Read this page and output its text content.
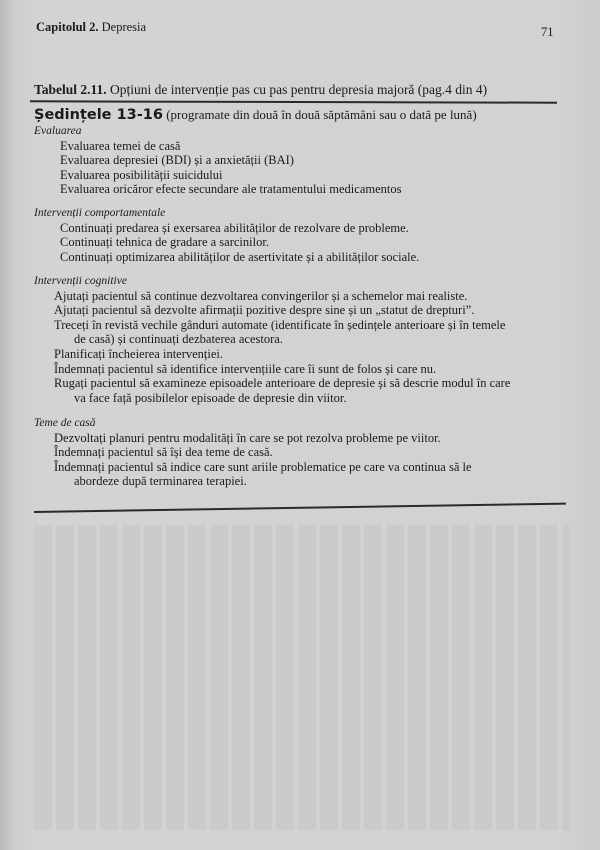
Capitolul 2. Depresia	71
Tabelul 2.11. Opțiuni de intervenție pas cu pas pentru depresia majoră (pag.4 din 4)
Ședințele 13-16 (programate din două în două săptămâni sau o dată pe lună)
Evaluarea
Evaluarea temei de casă
Evaluarea depresiei (BDI) și a anxietății (BAI)
Evaluarea posibilității suicidului
Evaluarea oricăror efecte secundare ale tratamentului medicamentos
Intervenții comportamentale
Continuați predarea și exersarea abilităților de rezolvare de probleme.
Continuați tehnica de gradare a sarcinilor.
Continuați optimizarea abilităților de asertivitate și a abilităților sociale.
Intervenții cognitive
Ajutați pacientul să continue dezvoltarea convingerilor și a schemelor mai realiste.
Ajutați pacientul să dezvolte afirmații pozitive despre sine și un „statut de drepturi”.
Treceți în revistă vechile gânduri automate (identificate în ședințele anterioare și în temele
de casă) și continuați dezbaterea acestora.
Planificați încheierea intervenției.
Îndemnați pacientul să identifice intervențiile care îi sunt de folos și care nu.
Rugați pacientul să examineze episoadele anterioare de depresie și să descrie modul în care
va face față posibilelor episoade de depresie din viitor.
Teme de casă
Dezvoltați planuri pentru modalități în care se pot rezolva probleme pe viitor.
Îndemnați pacientul să își dea teme de casă.
Îndemnați pacientul să indice care sunt ariile problematice pe care va continua să le
abordeze după terminarea terapiei.
